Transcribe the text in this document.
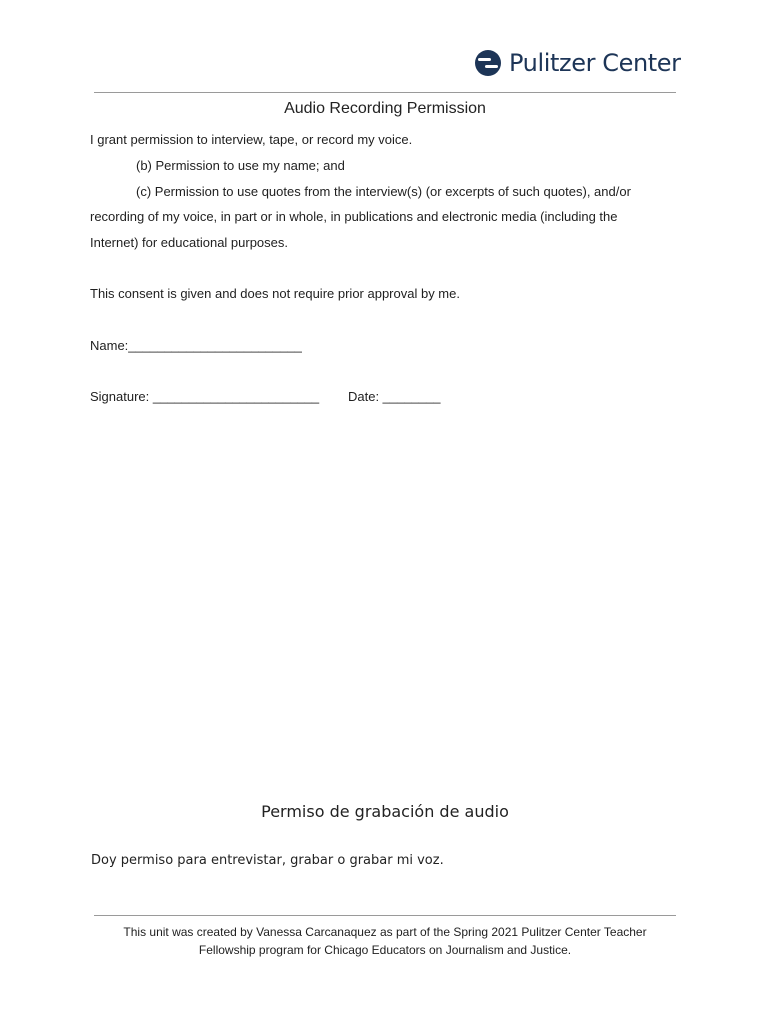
Pulitzer Center
Audio Recording Permission
I grant permission to interview, tape, or record my voice.
(b) Permission to use my name; and
(c) Permission to use quotes from the interview(s) (or excerpts of such quotes), and/or
recording of my voice, in part or in whole, in publications and electronic media (including the
Internet) for educational purposes.
This consent is given and does not require prior approval by me.
Name:________________________
Signature: _______________________ Date: ________
Permiso de grabación de audio
Doy permiso para entrevistar, grabar o grabar mi voz.
This unit was created by Vanessa Carcanaquez as part of the Spring 2021 Pulitzer Center Teacher
Fellowship program for Chicago Educators on Journalism and Justice.
